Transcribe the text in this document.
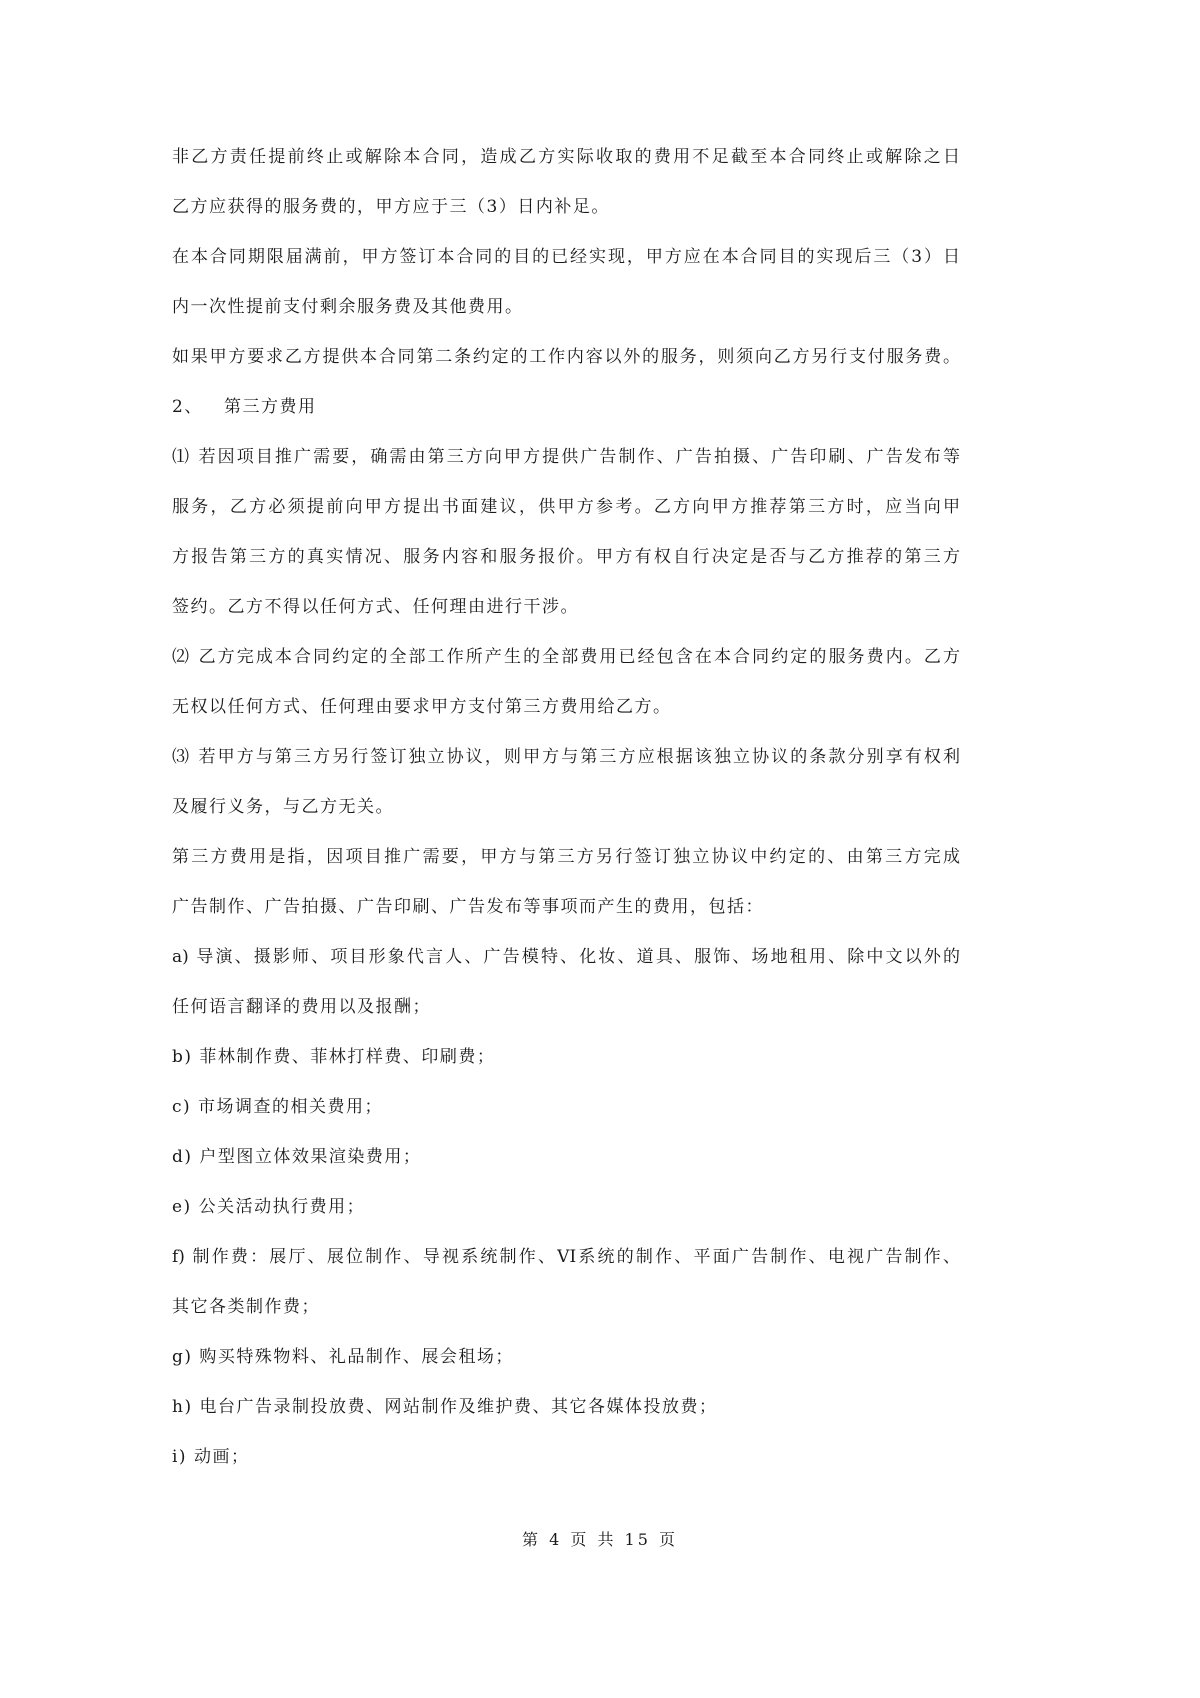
非乙方责任提前终止或解除本合同，造成乙方实际收取的费用不足截至本合同终止或解除之日
乙方应获得的服务费的，甲方应于三（3）日内补足。
在本合同期限届满前，甲方签订本合同的目的已经实现，甲方应在本合同目的实现后三（3）日
内一次性提前支付剩余服务费及其他费用。
如果甲方要求乙方提供本合同第二条约定的工作内容以外的服务，则须向乙方另行支付服务费。
2、	第三方费用
⑴ 若因项目推广需要，确需由第三方向甲方提供广告制作、广告拍摄、广告印刷、广告发布等
服务，乙方必须提前向甲方提出书面建议，供甲方参考。乙方向甲方推荐第三方时，应当向甲
方报告第三方的真实情况、服务内容和服务报价。甲方有权自行决定是否与乙方推荐的第三方
签约。乙方不得以任何方式、任何理由进行干涉。
⑵ 乙方完成本合同约定的全部工作所产生的全部费用已经包含在本合同约定的服务费内。乙方
无权以任何方式、任何理由要求甲方支付第三方费用给乙方。
⑶ 若甲方与第三方另行签订独立协议，则甲方与第三方应根据该独立协议的条款分别享有权利
及履行义务，与乙方无关。
第三方费用是指，因项目推广需要，甲方与第三方另行签订独立协议中约定的、由第三方完成
广告制作、广告拍摄、广告印刷、广告发布等事项而产生的费用，包括：
a) 导演、摄影师、项目形象代言人、广告模特、化妆、道具、服饰、场地租用、除中文以外的
任何语言翻译的费用以及报酬；
b) 菲林制作费、菲林打样费、印刷费；
c) 市场调查的相关费用；
d) 户型图立体效果渲染费用；
e) 公关活动执行费用；
f) 制作费：展厅、展位制作、导视系统制作、VI系统的制作、平面广告制作、电视广告制作、
其它各类制作费；
g) 购买特殊物料、礼品制作、展会租场；
h) 电台广告录制投放费、网站制作及维护费、其它各媒体投放费；
i) 动画；
第 4 页 共 15 页
